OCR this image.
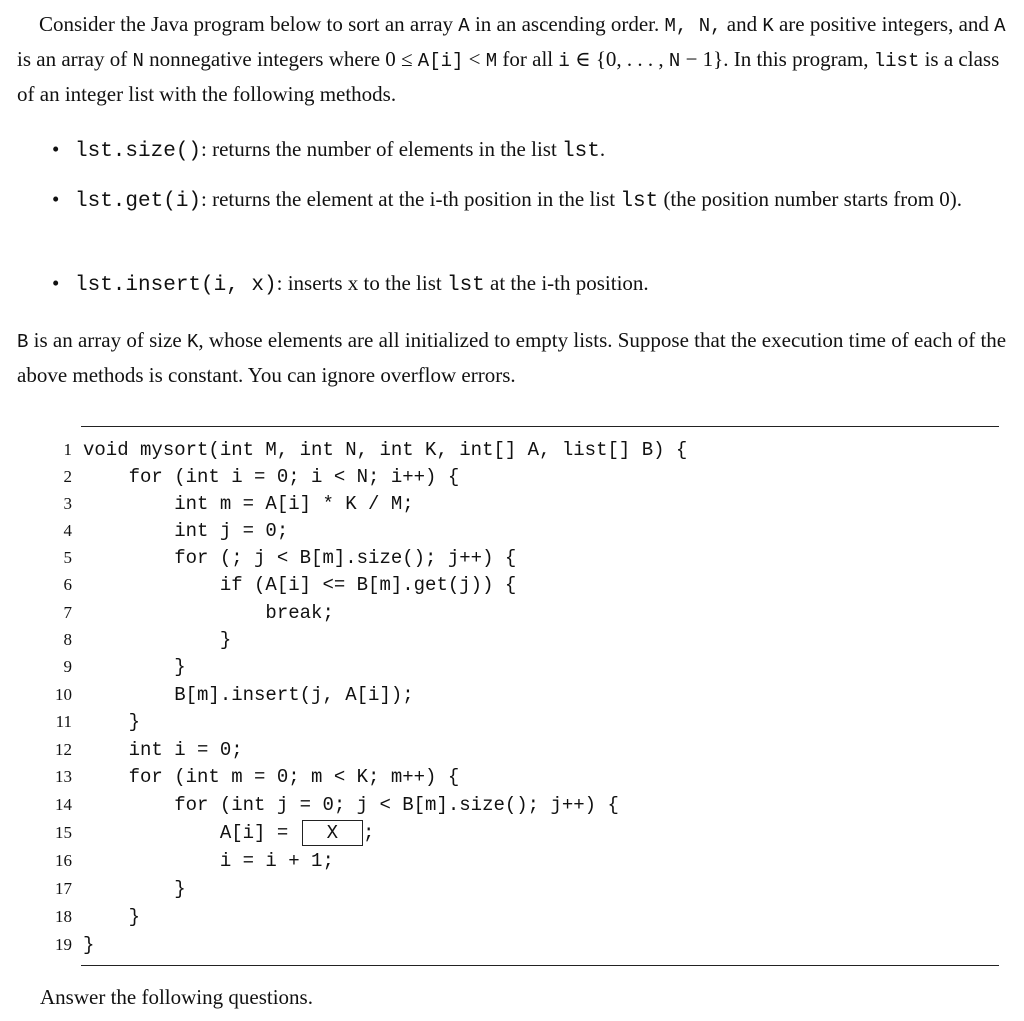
Consider the Java program below to sort an array A in an ascending order. M, N, and K are positive integers, and A is an array of N nonnegative integers where 0 ≤ A[i] < M for all i ∈ {0, . . . , N − 1}. In this program, list is a class of an integer list with the following methods.
• lst.size(): returns the number of elements in the list lst.
• lst.get(i): returns the element at the i-th position in the list lst (the position number starts from 0).
• lst.insert(i, x): inserts x to the list lst at the i-th position.
B is an array of size K, whose elements are all initialized to empty lists. Suppose that the execution time of each of the above methods is constant. You can ignore overflow errors.
1 void mysort(int M, int N, int K, int[] A, list[] B) {
2 for (int i = 0; i < N; i++) {
3 int m = A[i] * K / M;
4 int j = 0;
5 for (; j < B[m].size(); j++) {
6 if (A[i] <= B[m].get(j)) {
7 break;
8 }
9 }
10 B[m].insert(j, A[i]);
11 }
12 int i = 0;
13 for (int m = 0; m < K; m++) {
14 for (int j = 0; j < B[m].size(); j++) {
15 A[i] = X ;
16 i = i + 1;
17 }
18 }
19 }
Answer the following questions.
